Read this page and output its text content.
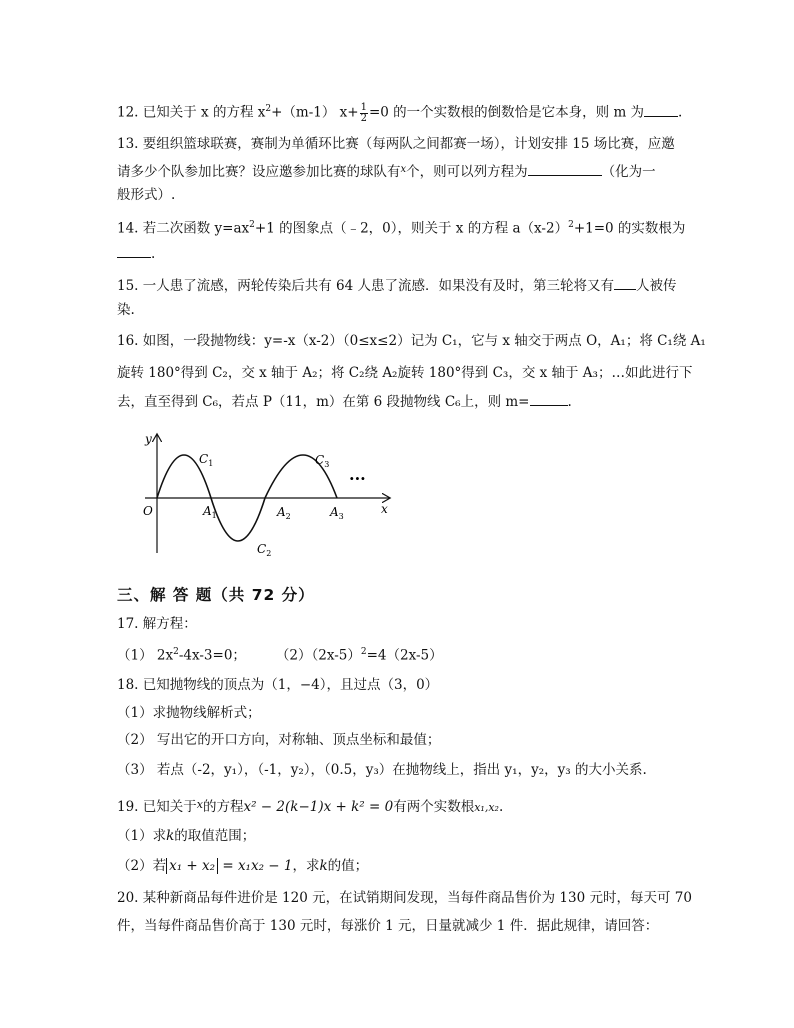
12. 已知关于 x 的方程 $x^2+(m-1)$ $x+ \frac{1}{2} =0$ 的一个实数根的倒数恰是它本身，则 m 为	.
13. 要组织篮球联赛，赛制为单循环比赛（每两队之间都赛一场），计划安排 15 场比赛，应邀
请多少个队参加比赛？设应邀参加比赛的球队有$^x$个，则可以列方程为	（化为一
般形式）.
14. 若二次函数 $y=ax^2+1$ 的图象点（﹣2，0），则关于 x 的方程 $a(x-2)^2+1=0$ 的实数根为
.
15. 一人患了流感，两轮传染后共有 64 人患了流感．如果没有及时，第三轮将又有 人被传
染.
16. 如图，一段抛物线：y=-x（x-2）（0≤x≤2）记为 C₁，它与 x 轴交于两点 O，A₁；将 C₁绕 A₁
旋转 180°得到 C₂，交 x 轴于 A₂；将 C₂绕 A₂旋转 180°得到 C₃，交 x 轴于 A₃；…如此进行下
去，直至得到 C₆，若点 P（11，m）在第 6 段抛物线 C₆上，则 m=	.
y
x
O
$C_1$
$C_2$
$C_3$
$A_1$	$A_2$	$A_3$
···
三、解 答 题（共 72 分）
17. 解方程：
（1） $2x^2-4x-3=0$； $(2)(2x-5)^2=4(2x-5)$
18. 已知抛物线的顶点为（1，−4），且过点（3，0）
（1）求抛物线解析式；
（2） 写出它的开口方向，对称轴、顶点坐标和最值；
（3） 若点（-2，y₁），（-1，y₂），（0.5，y₃）在抛物线上，指出 y₁，y₂，y₃ 的大小关系.
19. 已知关于$^x$的方程x² − 2(k−1)x + k² = 0有两个实数根x₁,x₂.
（1）求k的取值范围；
（2）若 x₁ + x₂ = x₁x₂ − 1，求k的值；
20. 某种新商品每件进价是 120 元，在试销期间发现，当每件商品售价为 130 元时，每天可 70
件，当每件商品售价高于 130 元时，每涨价 1 元，日量就减少 1 件．据此规律，请回答：
